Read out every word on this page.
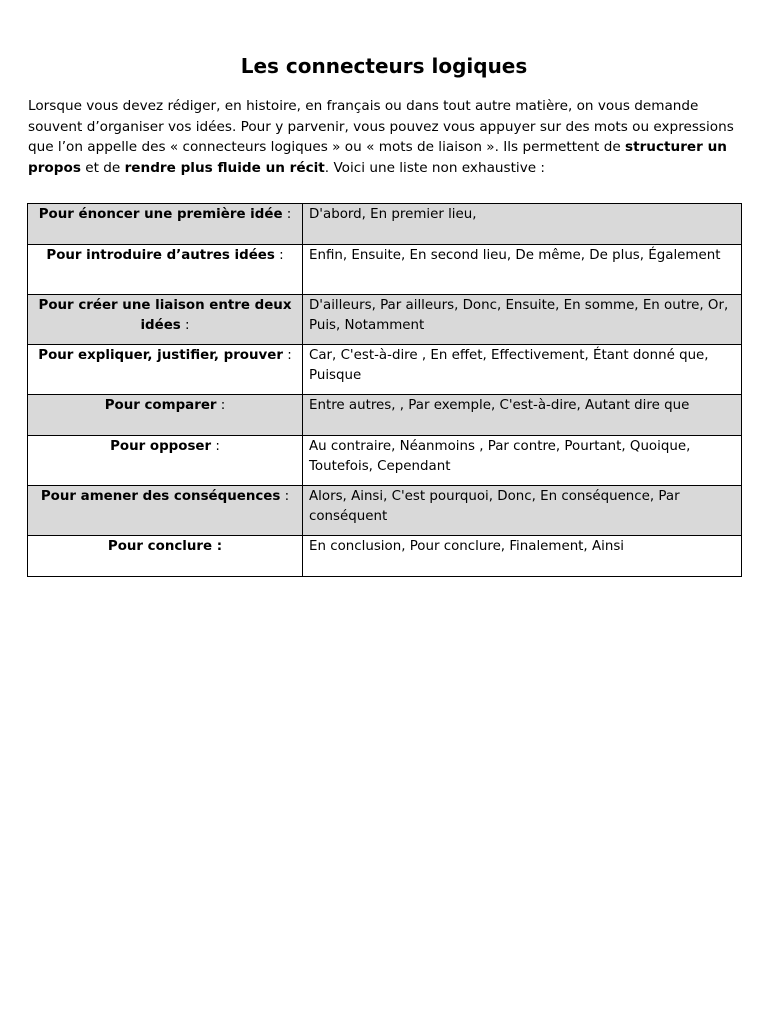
Les connecteurs logiques

Lorsque vous devez rédiger, en histoire, en français ou dans tout autre matière, on vous demande souvent d’organiser vos idées. Pour y parvenir, vous pouvez vous appuyer sur des mots ou expressions que l’on appelle des « connecteurs logiques » ou « mots de liaison ». Ils permettent de structurer un propos et de rendre plus fluide un récit. Voici une liste non exhaustive :

Pour énoncer une première idée :	D'abord, En premier lieu,
Pour introduire d’autres idées :	Enfin, Ensuite, En second lieu, De même, De plus, Également
Pour créer une liaison entre deux idées :	D'ailleurs, Par ailleurs, Donc, Ensuite, En somme, En outre, Or, Puis, Notamment
Pour expliquer, justifier, prouver :	Car, C'est-à-dire , En effet, Effectivement, Étant donné que, Puisque
Pour comparer :	Entre autres, , Par exemple, C'est-à-dire, Autant dire que
Pour opposer :	Au contraire, Néanmoins , Par contre, Pourtant, Quoique, Toutefois, Cependant
Pour amener des conséquences :	Alors, Ainsi, C'est pourquoi, Donc, En conséquence, Par conséquent
Pour conclure :	En conclusion, Pour conclure, Finalement, Ainsi
